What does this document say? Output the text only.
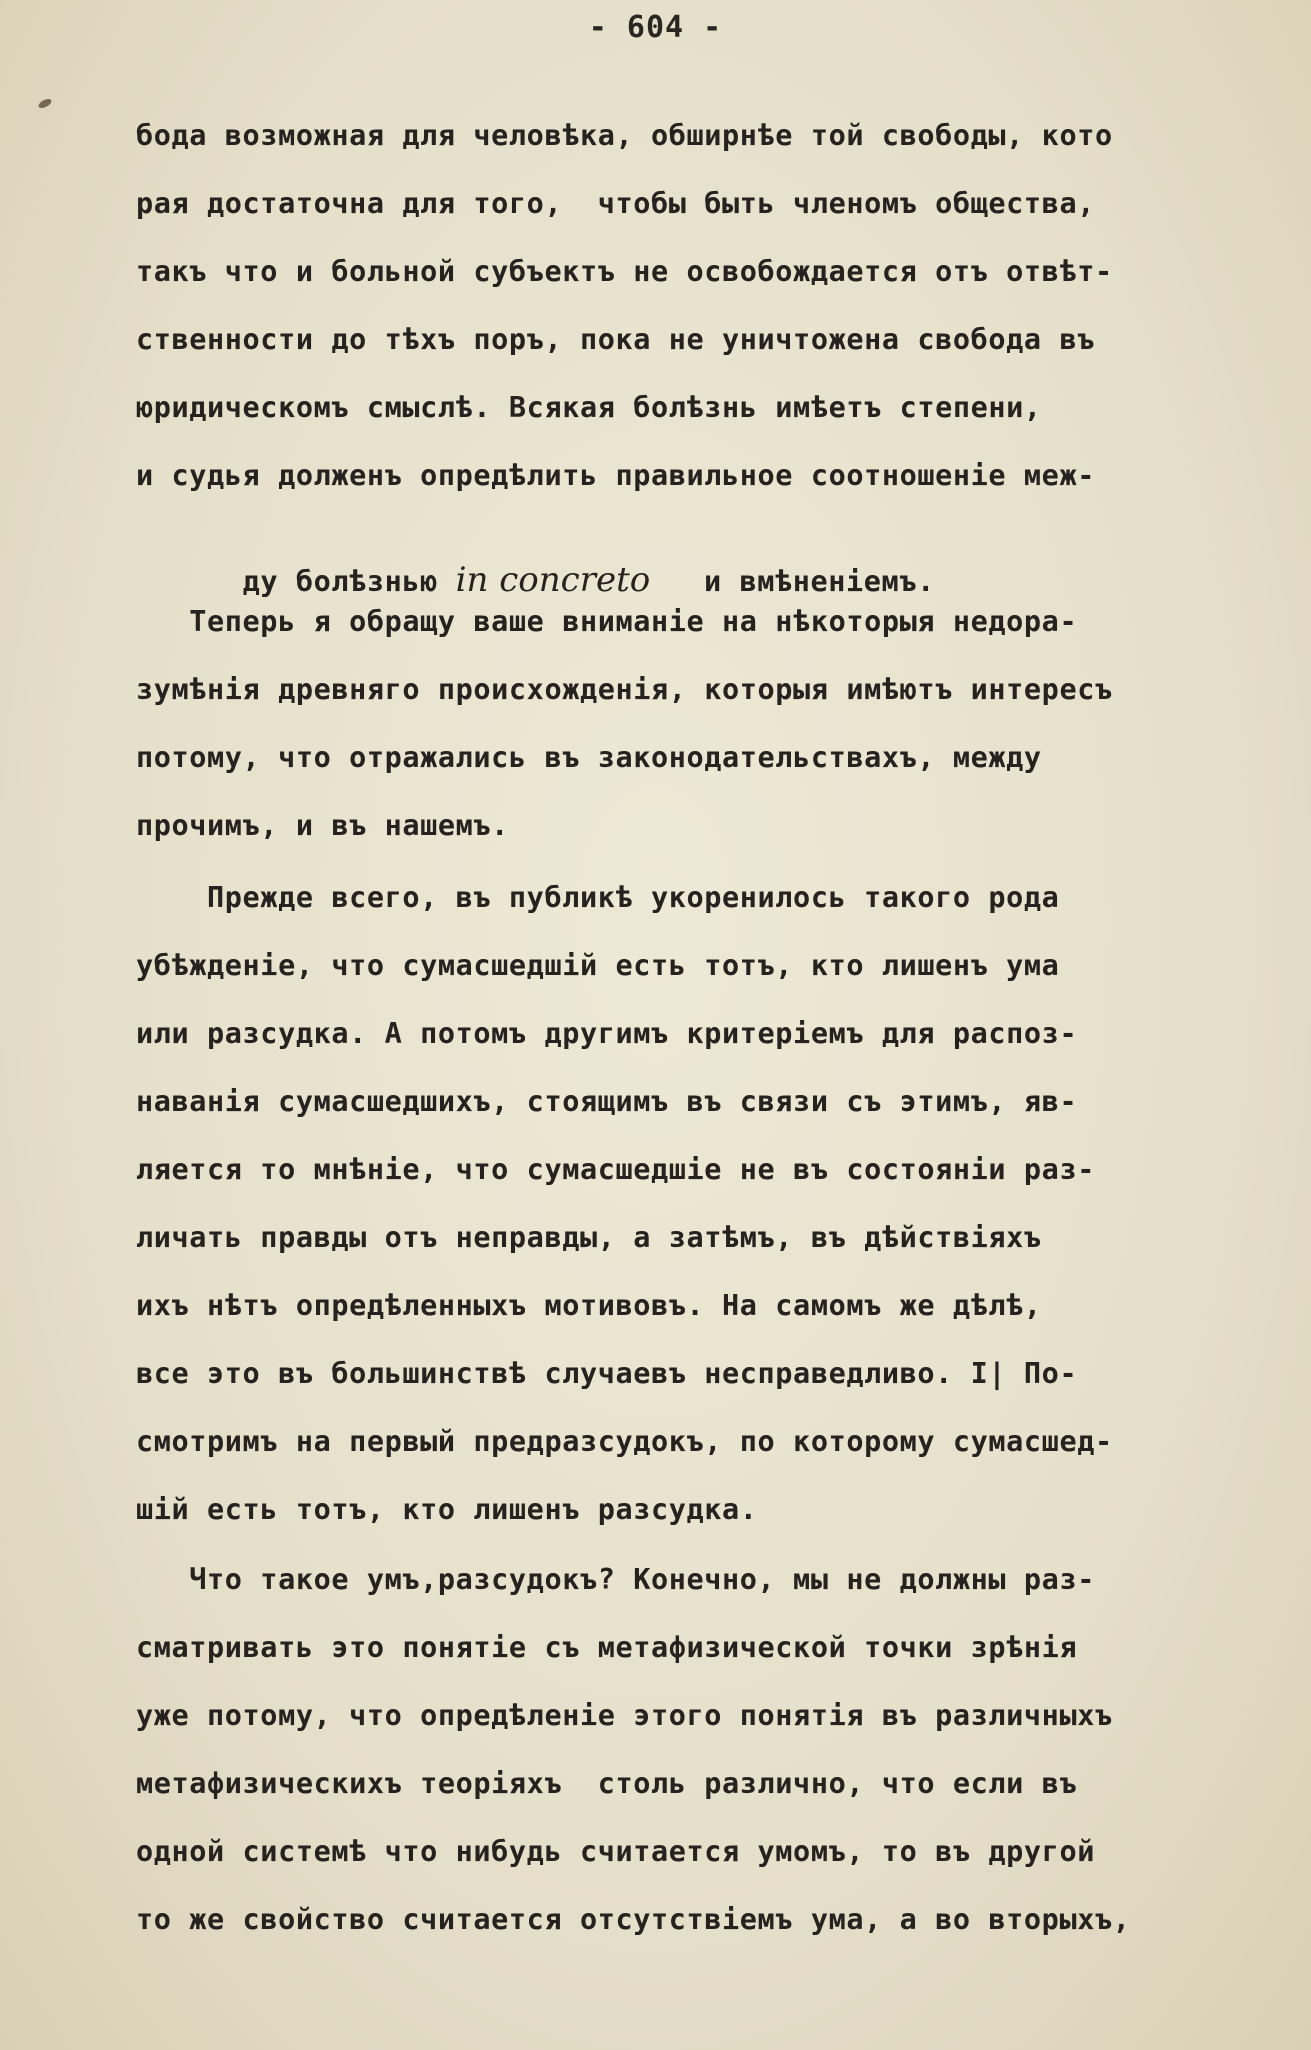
- 604 -
бода возможная для человѣка, обширнѣе той свободы, кото
рая достаточна для того,  чтобы быть членомъ общества,
такъ что и больной субъектъ не освобождается отъ отвѣт-
ственности до тѣхъ поръ, пока не уничтожена свобода въ
юридическомъ смыслѣ. Всякая болѣзнь имѣетъ степени,
и судья долженъ опредѣлить правильное соотношеніе меж-

ду болѣзнью in concreto и вмѣненіемъ.

Теперь я обращу ваше вниманіе на нѣкоторыя недора-
зумѣнія древняго происхожденія, которыя имѣютъ интересъ
потому, что отражались въ законодательствахъ, между
прочимъ, и въ нашемъ.
Прежде всего, въ публикѣ укоренилось такого рода
убѣжденіе, что сумасшедшій есть тотъ, кто лишенъ ума
или разсудка. А потомъ другимъ критеріемъ для распоз-
наванія сумасшедшихъ, стоящимъ въ связи съ этимъ, яв-
ляется то мнѣніе, что сумасшедшіе не въ состояніи раз-
личать правды отъ неправды, а затѣмъ, въ дѣйствіяхъ
ихъ нѣтъ опредѣленныхъ мотивовъ. На самомъ же дѣлѣ,
все это въ большинствѣ случаевъ несправедливо. I| По-
смотримъ на первый предразсудокъ, по которому сумасшед-
шій есть тотъ, кто лишенъ разсудка.
Что такое умъ,разсудокъ? Конечно, мы не должны раз-
сматривать это понятіе съ метафизической точки зрѣнія
уже потому, что опредѣленіе этого понятія въ различныхъ
метафизическихъ теоріяхъ  столь различно, что если въ
одной системѣ что нибудь считается умомъ, то въ другой
то же свойство считается отсутствіемъ ума, а во вторыхъ,
